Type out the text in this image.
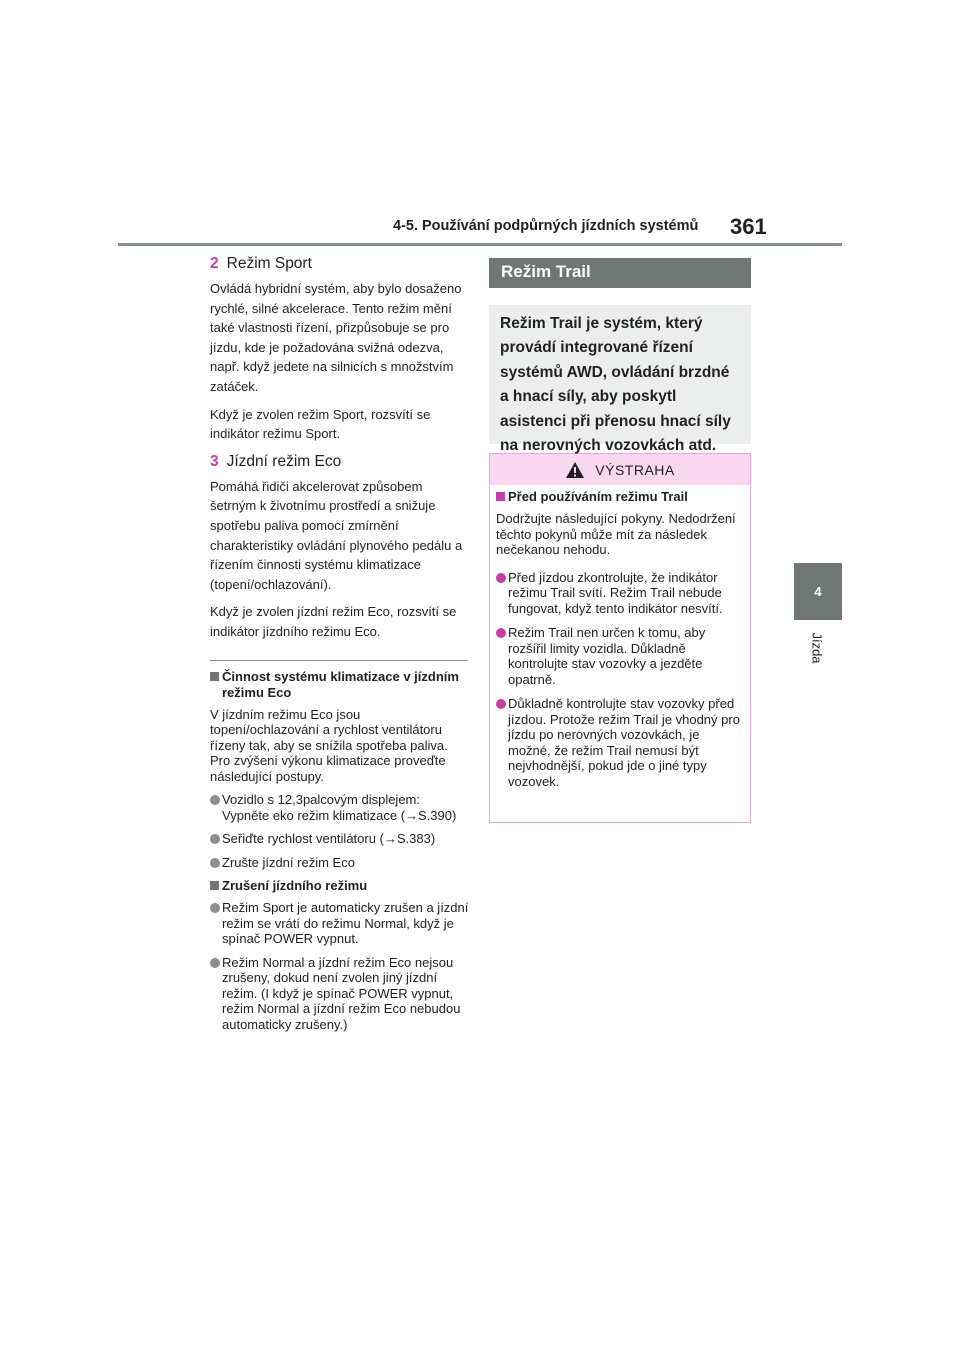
4-5. Používání podpůrných jízdních systémů 361
4
Jízda
2 Režim Sport

Ovládá hybridní systém, aby bylo dosaženo rychlé, silné akcelerace. Tento režim mění také vlastnosti řízení, přizpůsobuje se pro jízdu, kde je požadována svižná odezva, např. když jedete na silnicích s množstvím zatáček.

Když je zvolen režim Sport, rozsvítí se indikátor režimu Sport.

3 Jízdní režim Eco

Pomáhá řidiči akcelerovat způsobem šetrným k životnímu prostředí a snižuje spotřebu paliva pomocí zmírnění charakteristiky ovládání plynového pedálu a řízením činnosti systému klimatizace (topení/ochlazování).

Když je zvolen jízdní režim Eco, rozsvítí se indikátor jízdního režimu Eco.

Činnost systému klimatizace v jízdním režimu Eco

V jízdním režimu Eco jsou topení/ochlazování a rychlost ventilátoru řízeny tak, aby se snížila spotřeba paliva. Pro zvýšení výkonu klimatizace proveďte následující postupy.

Vozidlo s 12,3palcovým displejem: Vypněte eko režim klimatizace (→S.390)
Seřiďte rychlost ventilátoru (→S.383)
Zrušte jízdní režim Eco
Zrušení jízdního režimu
Režim Sport je automaticky zrušen a jízdní režim se vrátí do režimu Normal, když je spínač POWER vypnut.
Režim Normal a jízdní režim Eco nejsou zrušeny, dokud není zvolen jiný jízdní režim. (I když je spínač POWER vypnut, režim Normal a jízdní režim Eco nebudou automaticky zrušeny.)
Režim Trail
Režim Trail je systém, který provádí integrované řízení systémů AWD, ovládání brzdné a hnací síly, aby poskytl asistenci při přenosu hnací síly na nerovných vozovkách atd.
VÝSTRAHA
Před používáním režimu Trail

Dodržujte následující pokyny. Nedodržení těchto pokynů může mít za následek nečekanou nehodu.

Před jízdou zkontrolujte, že indikátor režimu Trail svítí. Režim Trail nebude fungovat, když tento indikátor nesvítí.
Režim Trail nen určen k tomu, aby rozšířil limity vozidla. Důkladně kontrolujte stav vozovky a jezděte opatrně.
Důkladně kontrolujte stav vozovky před jízdou. Protože režim Trail je vhodný pro jízdu po nerovných vozovkách, je možné, že režim Trail nemusí být nejvhodnější, pokud jde o jiné typy vozovek.
